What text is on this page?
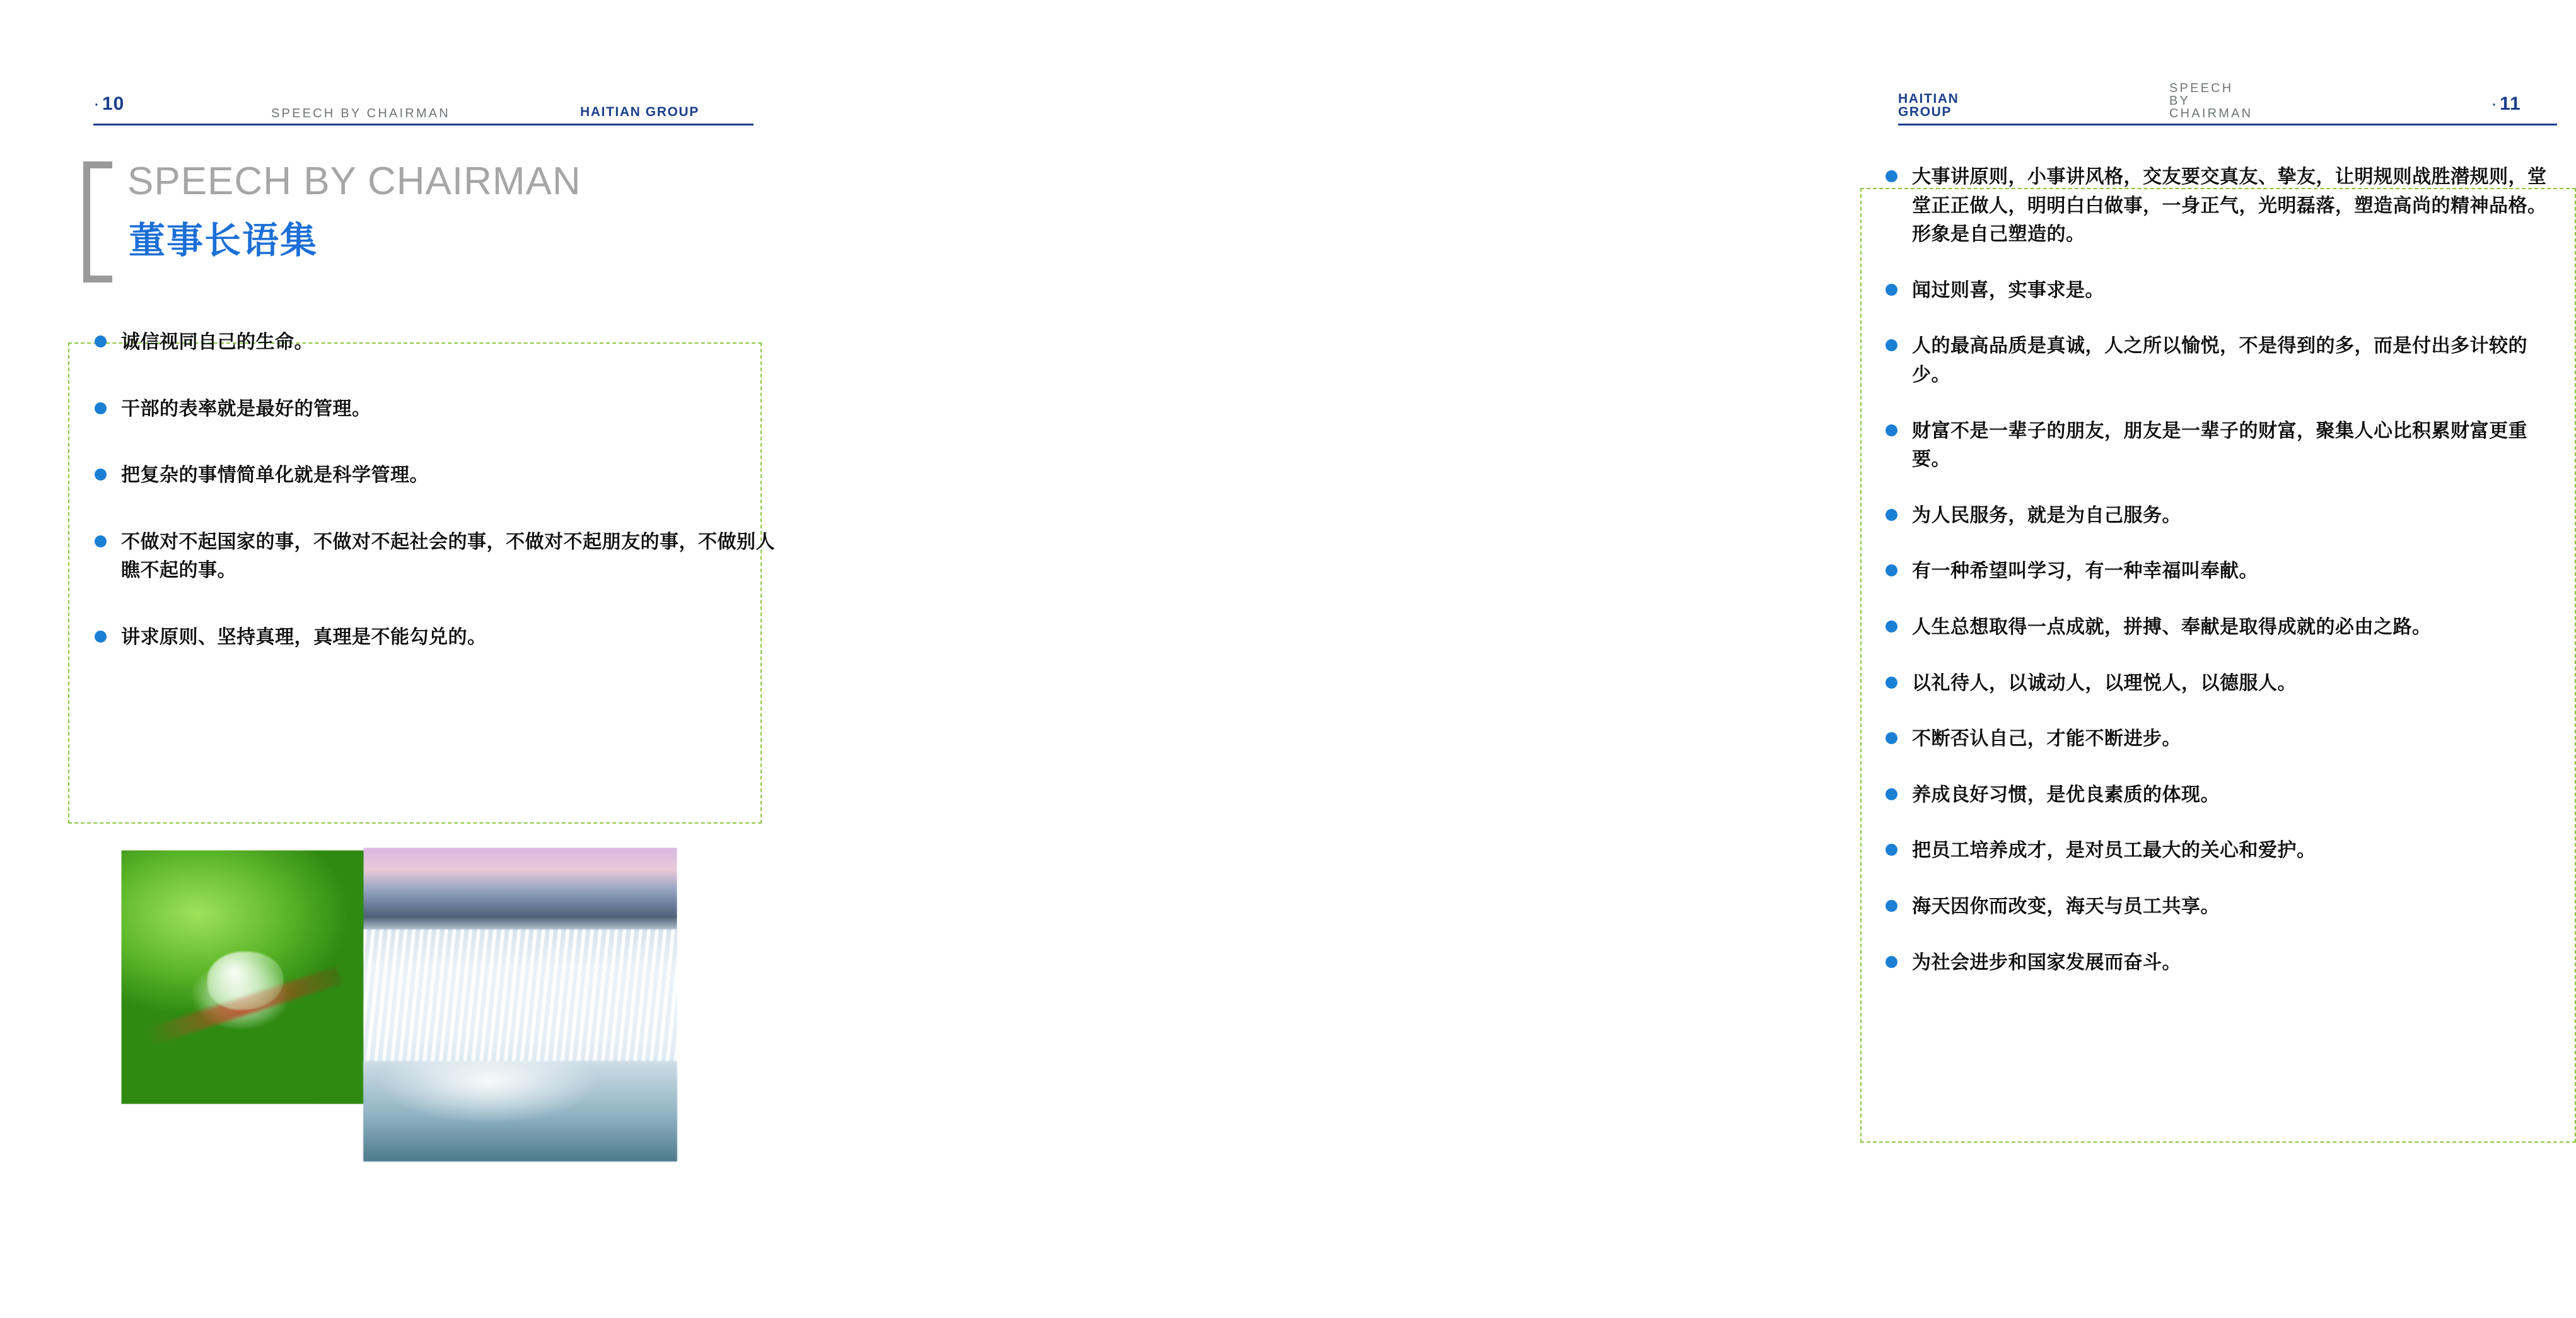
· 10	SPEECH BY CHAIRMAN	HAITIAN GROUP
SPEECH BY CHAIRMAN
董事长语集
诚信视同自己的生命。
干部的表率就是最好的管理。
把复杂的事情简单化就是科学管理。
不做对不起国家的事，不做对不起社会的事，不做对不起朋友的事，不做别人瞧不起的事。
讲求原则、坚持真理，真理是不能勾兑的。
HAITIAN GROUP
SPEECH BY CHAIRMAN	· 11
大事讲原则，小事讲风格，交友要交真友、挚友，让明规则战胜潜规则，堂堂正正做人，明明白白做事，一身正气，光明磊落，塑造高尚的精神品格。形象是自己塑造的。
闻过则喜，实事求是。
人的最高品质是真诚，人之所以愉悦，不是得到的多，而是付出多计较的少。
财富不是一辈子的朋友，朋友是一辈子的财富，聚集人心比积累财富更重要。
为人民服务，就是为自己服务。
有一种希望叫学习，有一种幸福叫奉献。
人生总想取得一点成就，拼搏、奉献是取得成就的必由之路。
以礼待人，以诚动人，以理悦人，以德服人。
不断否认自己，才能不断进步。
养成良好习惯，是优良素质的体现。
把员工培养成才，是对员工最大的关心和爱护。
海天因你而改变，海天与员工共享。
为社会进步和国家发展而奋斗。
